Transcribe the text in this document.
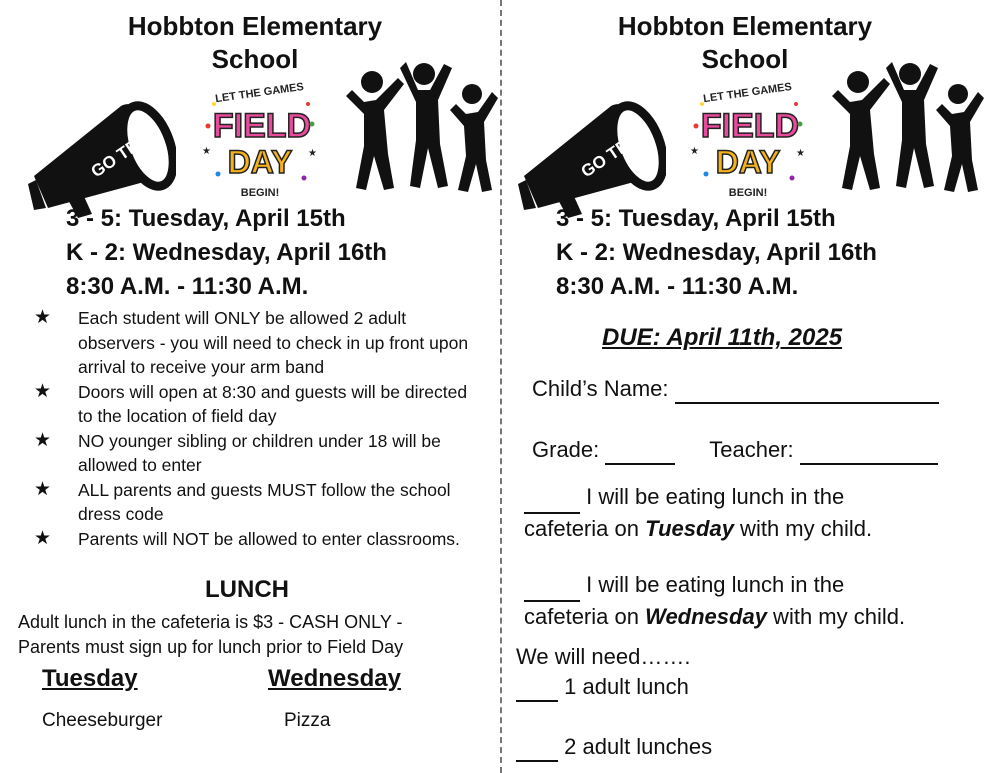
Hobbton Elementary
School
GO TEAM
3 - 5: Tuesday, April 15th
K - 2: Wednesday, April 16th
8:30 A.M. - 11:30 A.M.
★ Each student will ONLY be allowed 2 adult observers - you will need to check in up front upon arrival to receive your arm band
★ Doors will open at 8:30 and guests will be directed to the location of field day
★ NO younger sibling or children under 18 will be allowed to enter
★ ALL parents and guests MUST follow the school dress code
★ Parents will NOT be allowed to enter classrooms.
LUNCH
Adult lunch in the cafeteria is $3 - CASH ONLY -
Parents must sign up for lunch prior to Field Day
Tuesday	Wednesday
Cheeseburger	Pizza
Hobbton Elementary
School
GO TEAM
3 - 5: Tuesday, April 15th
K - 2: Wednesday, April 16th
8:30 A.M. - 11:30 A.M.
DUE: April 11th, 2025
Child’s Name:
Grade:	Teacher:
I will be eating lunch in the
cafeteria on Tuesday with my child.
I will be eating lunch in the
cafeteria on Wednesday with my child.
We will need…….
1 adult lunch
2 adult lunches
